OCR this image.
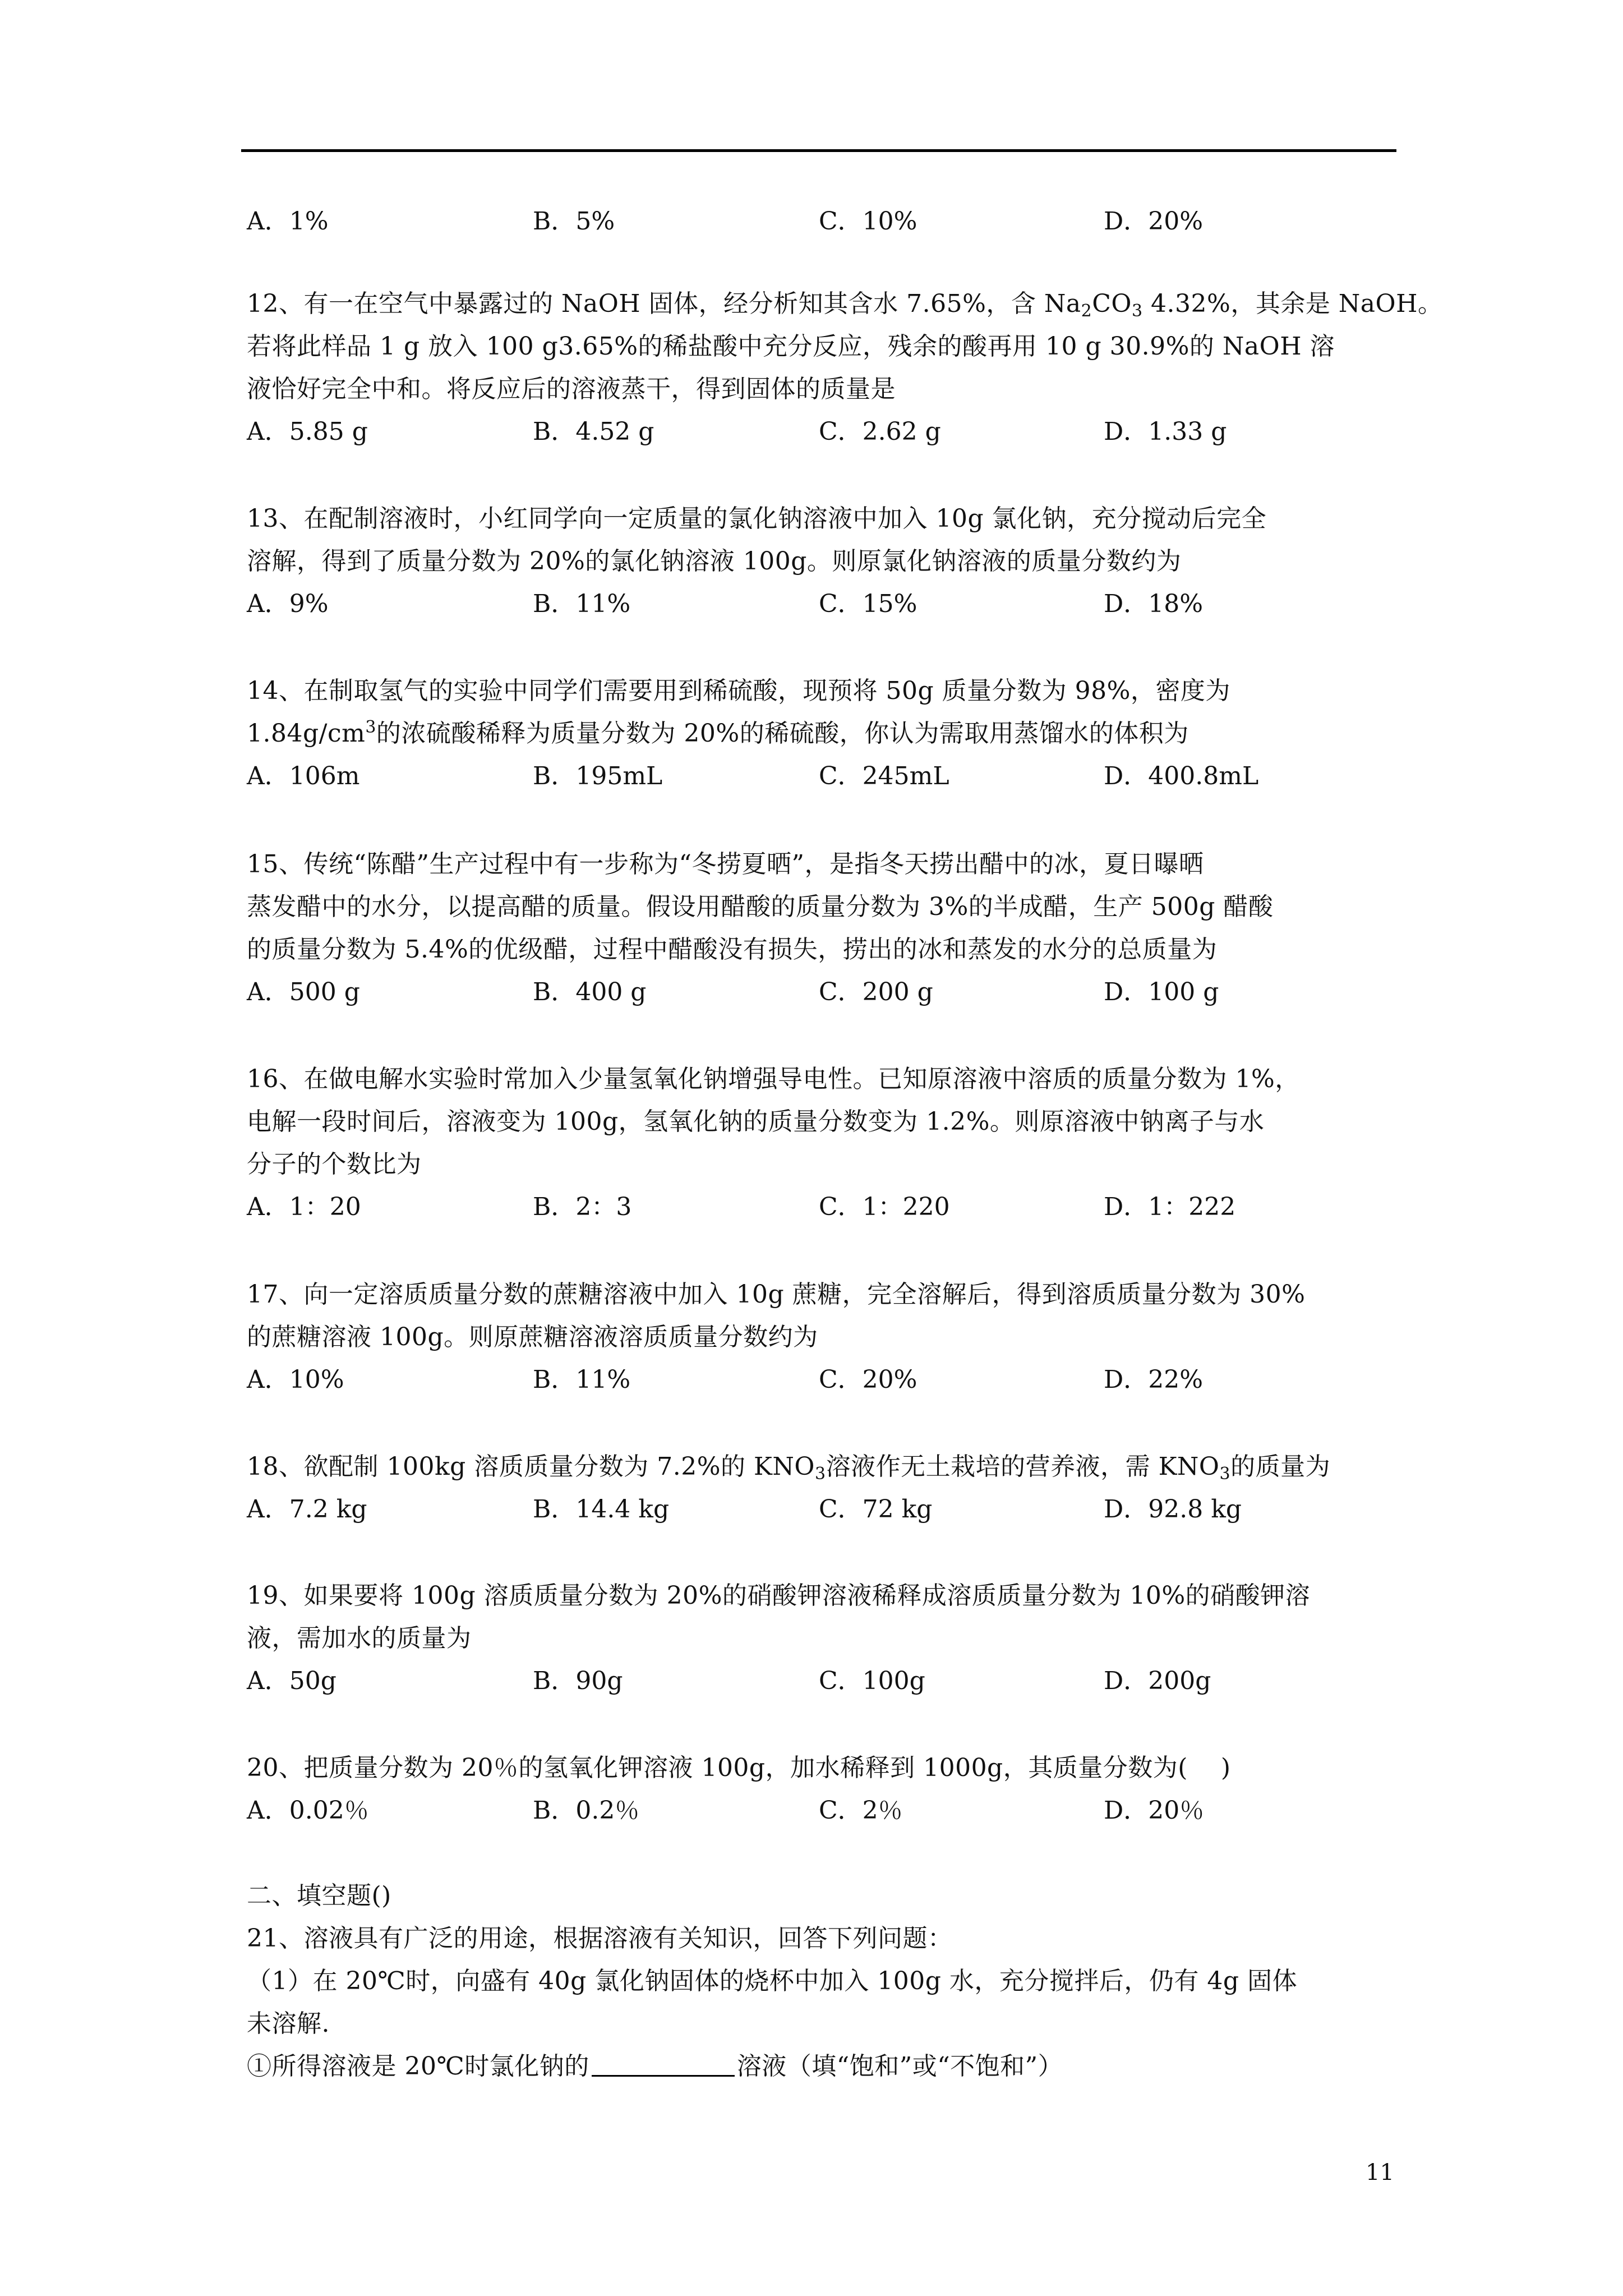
A．1%	B．5%	C．10%	D．20%
12、有一在空气中暴露过的 NaOH 固体，经分析知其含水 7.65%，含 $Na_2CO_3$ 4.32%，其余是 NaOH。
若将此样品 1 g 放入 100 g3.65%的稀盐酸中充分反应，残余的酸再用 10 g 30.9%的 NaOH 溶
液恰好完全中和。将反应后的溶液蒸干，得到固体的质量是
A．5.85 g	B．4.52 g	C．2.62 g	D．1.33 g
13、在配制溶液时，小红同学向一定质量的氯化钠溶液中加入 10g 氯化钠，充分搅动后完全
溶解，得到了质量分数为 20%的氯化钠溶液 100g。则原氯化钠溶液的质量分数约为
A．9%	B．11%	C．15%	D．18%
14、在制取氢气的实验中同学们需要用到稀硫酸，现预将 50g 质量分数为 98%，密度为
$1.84g/cm^3$的浓硫酸稀释为质量分数为 20%的稀硫酸，你认为需取用蒸馏水的体积为
A．106m	B．195mL	C．245mL	D．400.8mL
15、传统“陈醋”生产过程中有一步称为“冬捞夏晒”，是指冬天捞出醋中的冰，夏日曝晒
蒸发醋中的水分，以提高醋的质量。假设用醋酸的质量分数为 3%的半成醋，生产 500g 醋酸
的质量分数为 5.4%的优级醋，过程中醋酸没有损失，捞出的冰和蒸发的水分的总质量为
A．500 g	B．400 g	C．200 g	D．100 g
16、在做电解水实验时常加入少量氢氧化钠增强导电性。已知原溶液中溶质的质量分数为 1%，
电解一段时间后，溶液变为 100g，氢氧化钠的质量分数变为 1.2%。则原溶液中钠离子与水
分子的个数比为
A．1：20	B．2：3	C．1：220	D．1：222
17、向一定溶质质量分数的蔗糖溶液中加入 10g 蔗糖，完全溶解后，得到溶质质量分数为 30%
的蔗糖溶液 100g。则原蔗糖溶液溶质质量分数约为
A．10%	B．11%	C．20%	D．22%
18、欲配制 100kg 溶质质量分数为 7.2%的 $KNO_3$溶液作无土栽培的营养液，需 $KNO_3$的质量为
A．7.2 kg	B．14.4 kg	C．72 kg	D．92.8 kg
19、如果要将 100g 溶质质量分数为 20%的硝酸钾溶液稀释成溶质质量分数为 10%的硝酸钾溶
液，需加水的质量为
A．50g	B．90g	C．100g	D．200g
20、把质量分数为 20％的氢氧化钾溶液 100g，加水稀释到 1000g，其质量分数为(　 )
A．0.02％	B．0.2％	C．2％	D．20％
二、填空题()
21、溶液具有广泛的用途，根据溶液有关知识，回答下列问题：
（1）在 20℃时，向盛有 40g 氯化钠固体的烧杯中加入 100g 水，充分搅拌后，仍有 4g 固体
未溶解.
①所得溶液是 20℃时氯化钠的	溶液（填“饱和”或“不饱和”）
11
